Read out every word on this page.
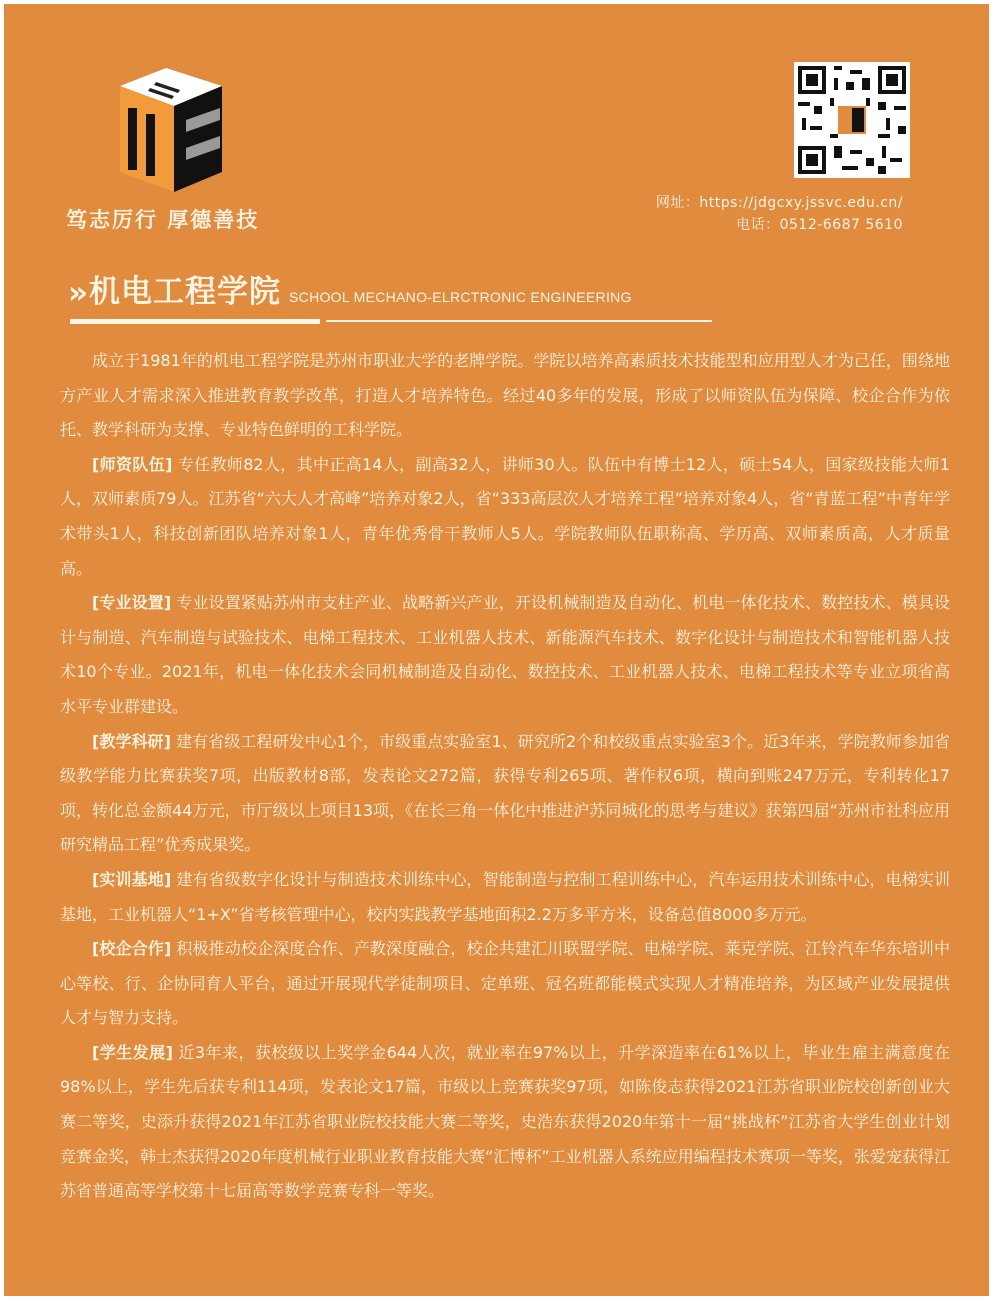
笃志厉行 厚德善技
网址：https://jdgcxy.jssvc.edu.cn/
电话：0512-6687 5610
» 机电工程学院 SCHOOL MECHANO-ELRCTRONIC ENGINEERING

成立于1981年的机电工程学院是苏州市职业大学的老牌学院。学院以培养高素质技术技能型和应用型人才为己任，围绕地方产业人才需求深入推进教育教学改革，打造人才培养特色。经过40多年的发展，形成了以师资队伍为保障、校企合作为依托、教学科研为支撑、专业特色鲜明的工科学院。

[师资队伍] 专任教师82人，其中正高14人，副高32人，讲师30人。队伍中有博士12人，硕士54人，国家级技能大师1人，双师素质79人。江苏省“六大人才高峰”培养对象2人，省“333高层次人才培养工程”培养对象4人，省“青蓝工程”中青年学术带头1人，科技创新团队培养对象1人，青年优秀骨干教师人5人。学院教师队伍职称高、学历高、双师素质高，人才质量高。

[专业设置] 专业设置紧贴苏州市支柱产业、战略新兴产业，开设机械制造及自动化、机电一体化技术、数控技术、模具设计与制造、汽车制造与试验技术、电梯工程技术、工业机器人技术、新能源汽车技术、数字化设计与制造技术和智能机器人技术10个专业。2021年，机电一体化技术会同机械制造及自动化、数控技术、工业机器人技术、电梯工程技术等专业立项省高水平专业群建设。

[教学科研] 建有省级工程研发中心1个，市级重点实验室1、研究所2个和校级重点实验室3个。近3年来，学院教师参加省级教学能力比赛获奖7项，出版教材8部，发表论文272篇，获得专利265项、著作权6项，横向到账247万元，专利转化17项，转化总金额44万元，市厅级以上项目13项，《在长三角一体化中推进沪苏同城化的思考与建议》获第四届“苏州市社科应用研究精品工程”优秀成果奖。

[实训基地] 建有省级数字化设计与制造技术训练中心，智能制造与控制工程训练中心，汽车运用技术训练中心，电梯实训基地，工业机器人“1+X”省考核管理中心，校内实践教学基地面积2.2万多平方米，设备总值8000多万元。

[校企合作] 积极推动校企深度合作、产教深度融合，校企共建汇川联盟学院、电梯学院、莱克学院、江铃汽车华东培训中心等校、行、企协同育人平台，通过开展现代学徒制项目、定单班、冠名班都能模式实现人才精准培养，为区域产业发展提供人才与智力支持。

[学生发展] 近3年来，获校级以上奖学金644人次，就业率在97%以上，升学深造率在61%以上，毕业生雇主满意度在98%以上，学生先后获专利114项，发表论文17篇，市级以上竞赛获奖97项，如陈俊志获得2021江苏省职业院校创新创业大赛二等奖，史添升获得2021年江苏省职业院校技能大赛二等奖，史浩东获得2020年第十一届“挑战杯”江苏省大学生创业计划竞赛金奖，韩士杰获得2020年度机械行业职业教育技能大赛“汇博杯”工业机器人系统应用编程技术赛项一等奖，张爱宠获得江苏省普通高等学校第十七届高等数学竞赛专科一等奖。
